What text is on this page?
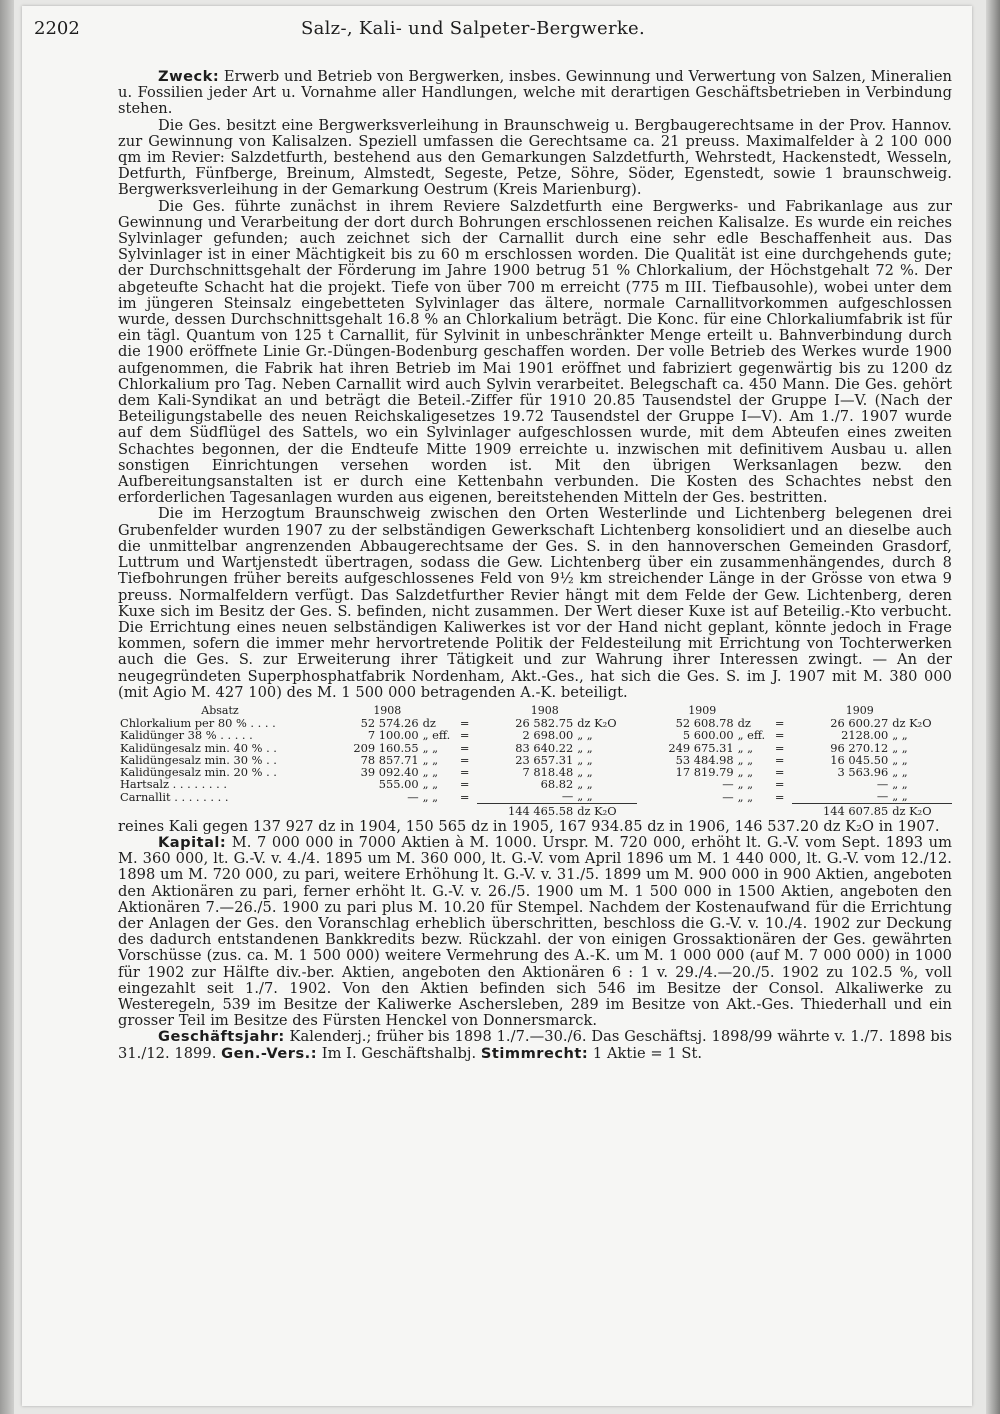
2202	Salz-, Kali- und Salpeter-Bergwerke.

Zweck: Erwerb und Betrieb von Bergwerken, insbes. Gewinnung und Verwertung von Salzen, Mineralien u. Fossilien jeder Art u. Vornahme aller Handlungen, welche mit derartigen Geschäftsbetrieben in Verbindung stehen.

Die Ges. besitzt eine Bergwerksverleihung in Braunschweig u. Bergbaugerechtsame in der Prov. Hannov. zur Gewinnung von Kalisalzen. Speziell umfassen die Gerechtsame ca. 21 preuss. Maximalfelder à 2 100 000 qm im Revier: Salzdetfurth, bestehend aus den Gemarkungen Salzdetfurth, Wehrstedt, Hackenstedt, Wesseln, Detfurth, Fünfberge, Breinum, Almstedt, Segeste, Petze, Söhre, Söder, Egenstedt, sowie 1 braunschweig. Bergwerksverleihung in der Gemarkung Oestrum (Kreis Marienburg).

Die Ges. führte zunächst in ihrem Reviere Salzdetfurth eine Bergwerks- und Fabrikanlage aus zur Gewinnung und Verarbeitung der dort durch Bohrungen erschlossenen reichen Kalisalze. Es wurde ein reiches Sylvinlager gefunden; auch zeichnet sich der Carnallit durch eine sehr edle Beschaffenheit aus. Das Sylvinlager ist in einer Mächtigkeit bis zu 60 m erschlossen worden. Die Qualität ist eine durchgehends gute; der Durchschnittsgehalt der Förderung im Jahre 1900 betrug 51 % Chlorkalium, der Höchstgehalt 72 %. Der abgeteufte Schacht hat die projekt. Tiefe von über 700 m erreicht (775 m III. Tiefbausohle), wobei unter dem im jüngeren Steinsalz eingebetteten Sylvinlager das ältere, normale Carnallitvorkommen aufgeschlossen wurde, dessen Durchschnittsgehalt 16.8 % an Chlorkalium beträgt. Die Konc. für eine Chlorkaliumfabrik ist für ein tägl. Quantum von 125 t Carnallit, für Sylvinit in unbeschränkter Menge erteilt u. Bahnverbindung durch die 1900 eröffnete Linie Gr.-Düngen-Bodenburg geschaffen worden. Der volle Betrieb des Werkes wurde 1900 aufgenommen, die Fabrik hat ihren Betrieb im Mai 1901 eröffnet und fabriziert gegenwärtig bis zu 1200 dz Chlorkalium pro Tag. Neben Carnallit wird auch Sylvin verarbeitet. Belegschaft ca. 450 Mann. Die Ges. gehört dem Kali-Syndikat an und beträgt die Beteil.-Ziffer für 1910 20.85 Tausendstel der Gruppe I—V. (Nach der Beteiligungstabelle des neuen Reichskaligesetzes 19.72 Tausendstel der Gruppe I—V). Am 1./7. 1907 wurde auf dem Südflügel des Sattels, wo ein Sylvinlager aufgeschlossen wurde, mit dem Abteufen eines zweiten Schachtes begonnen, der die Endteufe Mitte 1909 erreichte u. inzwischen mit definitivem Ausbau u. allen sonstigen Einrichtungen versehen worden ist. Mit den übrigen Werksanlagen bezw. den Aufbereitungsanstalten ist er durch eine Kettenbahn verbunden. Die Kosten des Schachtes nebst den erforderlichen Tagesanlagen wurden aus eigenen, bereitstehenden Mitteln der Ges. bestritten.

Die im Herzogtum Braunschweig zwischen den Orten Westerlinde und Lichtenberg belegenen drei Grubenfelder wurden 1907 zu der selbständigen Gewerkschaft Lichtenberg konsolidiert und an dieselbe auch die unmittelbar angrenzenden Abbaugerechtsame der Ges. S. in den hannoverschen Gemeinden Grasdorf, Luttrum und Wartjenstedt übertragen, sodass die Gew. Lichtenberg über ein zusammenhängendes, durch 8 Tiefbohrungen früher bereits aufgeschlossenes Feld von 9½ km streichender Länge in der Grösse von etwa 9 preuss. Normalfeldern verfügt. Das Salzdetfurther Revier hängt mit dem Felde der Gew. Lichtenberg, deren Kuxe sich im Besitz der Ges. S. befinden, nicht zusammen. Der Wert dieser Kuxe ist auf Beteilig.-Kto verbucht. Die Errichtung eines neuen selbständigen Kaliwerkes ist vor der Hand nicht geplant, könnte jedoch in Frage kommen, sofern die immer mehr hervortretende Politik der Feldesteilung mit Errichtung von Tochterwerken auch die Ges. S. zur Erweiterung ihrer Tätigkeit und zur Wahrung ihrer Interessen zwingt. — An der neugegründeten Superphosphatfabrik Nordenham, Akt.-Ges., hat sich die Ges. S. im J. 1907 mit M. 380 000 (mit Agio M. 427 100) des M. 1 500 000 betragenden A.-K. beteiligt.

Absatz	1908		1908			1909		1909		
Chlorkalium per 80 % . . . .	52 574.26	dz	=	26 582.75	dz K₂O	52 608.78	dz	=	26 600.27	dz K₂O
Kalidünger 38 % . . . . .	7 100.00	„ eff.	=	2 698.00	„ „	5 600.00	„ eff.	=	2128.00	„ „
Kalidüngesalz min. 40 % . .	209 160.55	„ „	=	83 640.22	„ „	249 675.31	„ „	=	96 270.12	„ „
Kalidüngesalz min. 30 % . .	78 857.71	„ „	=	23 657.31	„ „	53 484.98	„ „	=	16 045.50	„ „
Kalidüngesalz min. 20 % . .	39 092.40	„ „	=	7 818.48	„ „	17 819.79	„ „	=	3 563.96	„ „
Hartsalz . . . . . . . .	555.00	„ „	=	68.82	„ „	—	„ „	=	—	„ „
Carnallit . . . . . . . .	—	„ „	=	—	„ „	—	„ „	=	—	„ „
				144 465.58	dz K₂O				144 607.85	dz K₂O

reines Kali gegen 137 927 dz in 1904, 150 565 dz in 1905, 167 934.85 dz in 1906, 146 537.20 dz K₂O in 1907.

Kapital: M. 7 000 000 in 7000 Aktien à M. 1000. Urspr. M. 720 000, erhöht lt. G.-V. vom Sept. 1893 um M. 360 000, lt. G.-V. v. 4./4. 1895 um M. 360 000, lt. G.-V. vom April 1896 um M. 1 440 000, lt. G.-V. vom 12./12. 1898 um M. 720 000, zu pari, weitere Erhöhung lt. G.-V. v. 31./5. 1899 um M. 900 000 in 900 Aktien, angeboten den Aktionären zu pari, ferner erhöht lt. G.-V. v. 26./5. 1900 um M. 1 500 000 in 1500 Aktien, angeboten den Aktionären 7.—26./5. 1900 zu pari plus M. 10.20 für Stempel. Nachdem der Kostenaufwand für die Errichtung der Anlagen der Ges. den Voranschlag erheblich überschritten, beschloss die G.-V. v. 10./4. 1902 zur Deckung des dadurch entstandenen Bankkredits bezw. Rückzahl. der von einigen Grossaktionären der Ges. gewährten Vorschüsse (zus. ca. M. 1 500 000) weitere Vermehrung des A.-K. um M. 1 000 000 (auf M. 7 000 000) in 1000 für 1902 zur Hälfte div.-ber. Aktien, angeboten den Aktionären 6 : 1 v. 29./4.—20./5. 1902 zu 102.5 %, voll eingezahlt seit 1./7. 1902. Von den Aktien befinden sich 546 im Besitze der Consol. Alkaliwerke zu Westeregeln, 539 im Besitze der Kaliwerke Aschersleben, 289 im Besitze von Akt.-Ges. Thiederhall und ein grosser Teil im Besitze des Fürsten Henckel von Donnersmarck.

Geschäftsjahr: Kalenderj.; früher bis 1898 1./7.—30./6. Das Geschäftsj. 1898/99 währte v. 1./7. 1898 bis 31./12. 1899. Gen.-Vers.: Im I. Geschäftshalbj. Stimmrecht: 1 Aktie = 1 St.
